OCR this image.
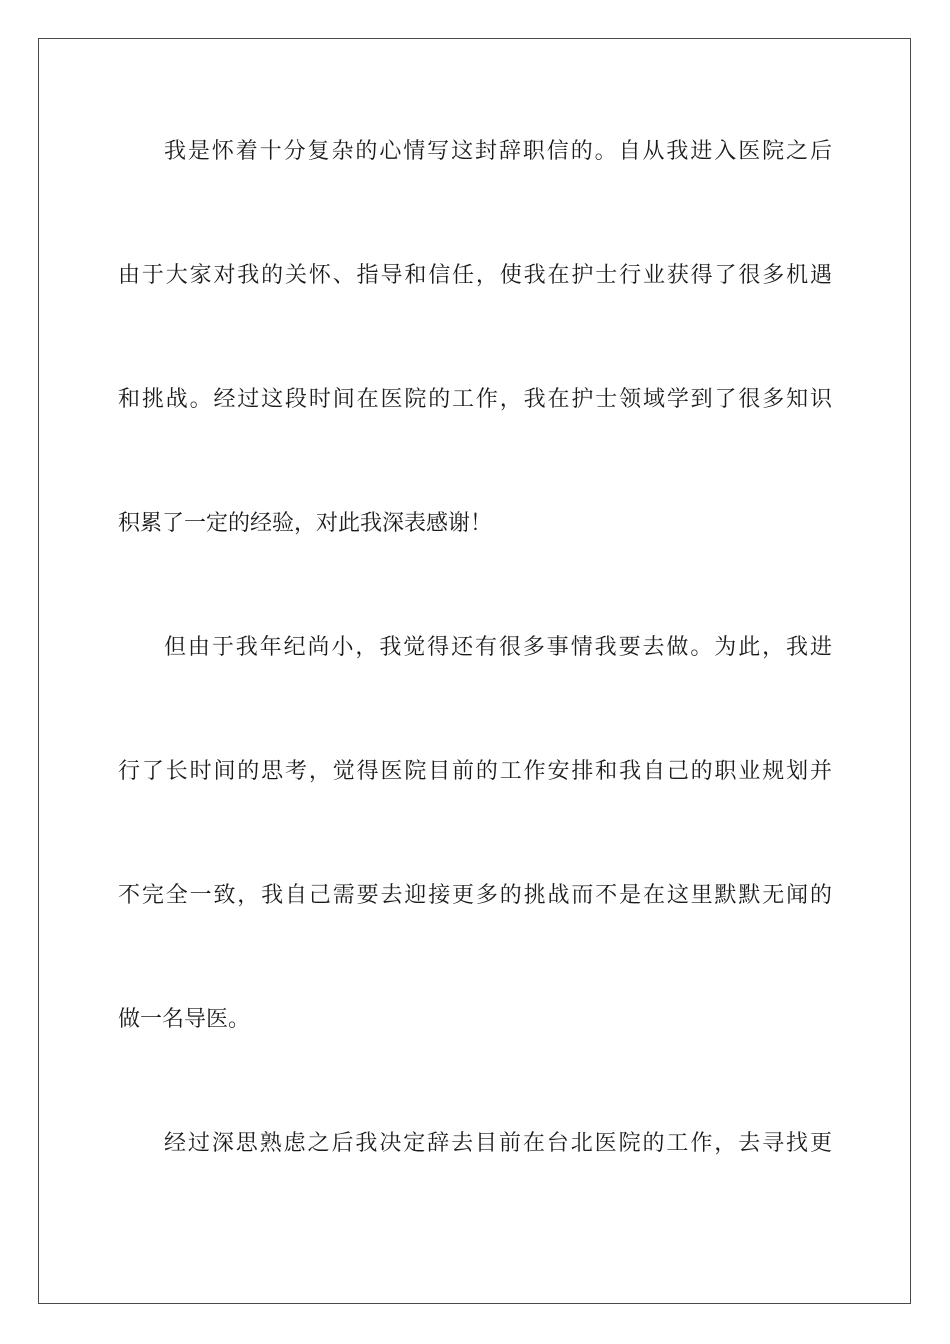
我是怀着十分复杂的心情写这封辞职信的。自从我进入医院之后
由于大家对我的关怀、指导和信任，使我在护士行业获得了很多机遇
和挑战。经过这段时间在医院的工作，我在护士领域学到了很多知识
积累了一定的经验，对此我深表感谢！
但由于我年纪尚小，我觉得还有很多事情我要去做。为此，我进
行了长时间的思考，觉得医院目前的工作安排和我自己的职业规划并
不完全一致，我自己需要去迎接更多的挑战而不是在这里默默无闻的
做一名导医。
经过深思熟虑之后我决定辞去目前在台北医院的工作，去寻找更
